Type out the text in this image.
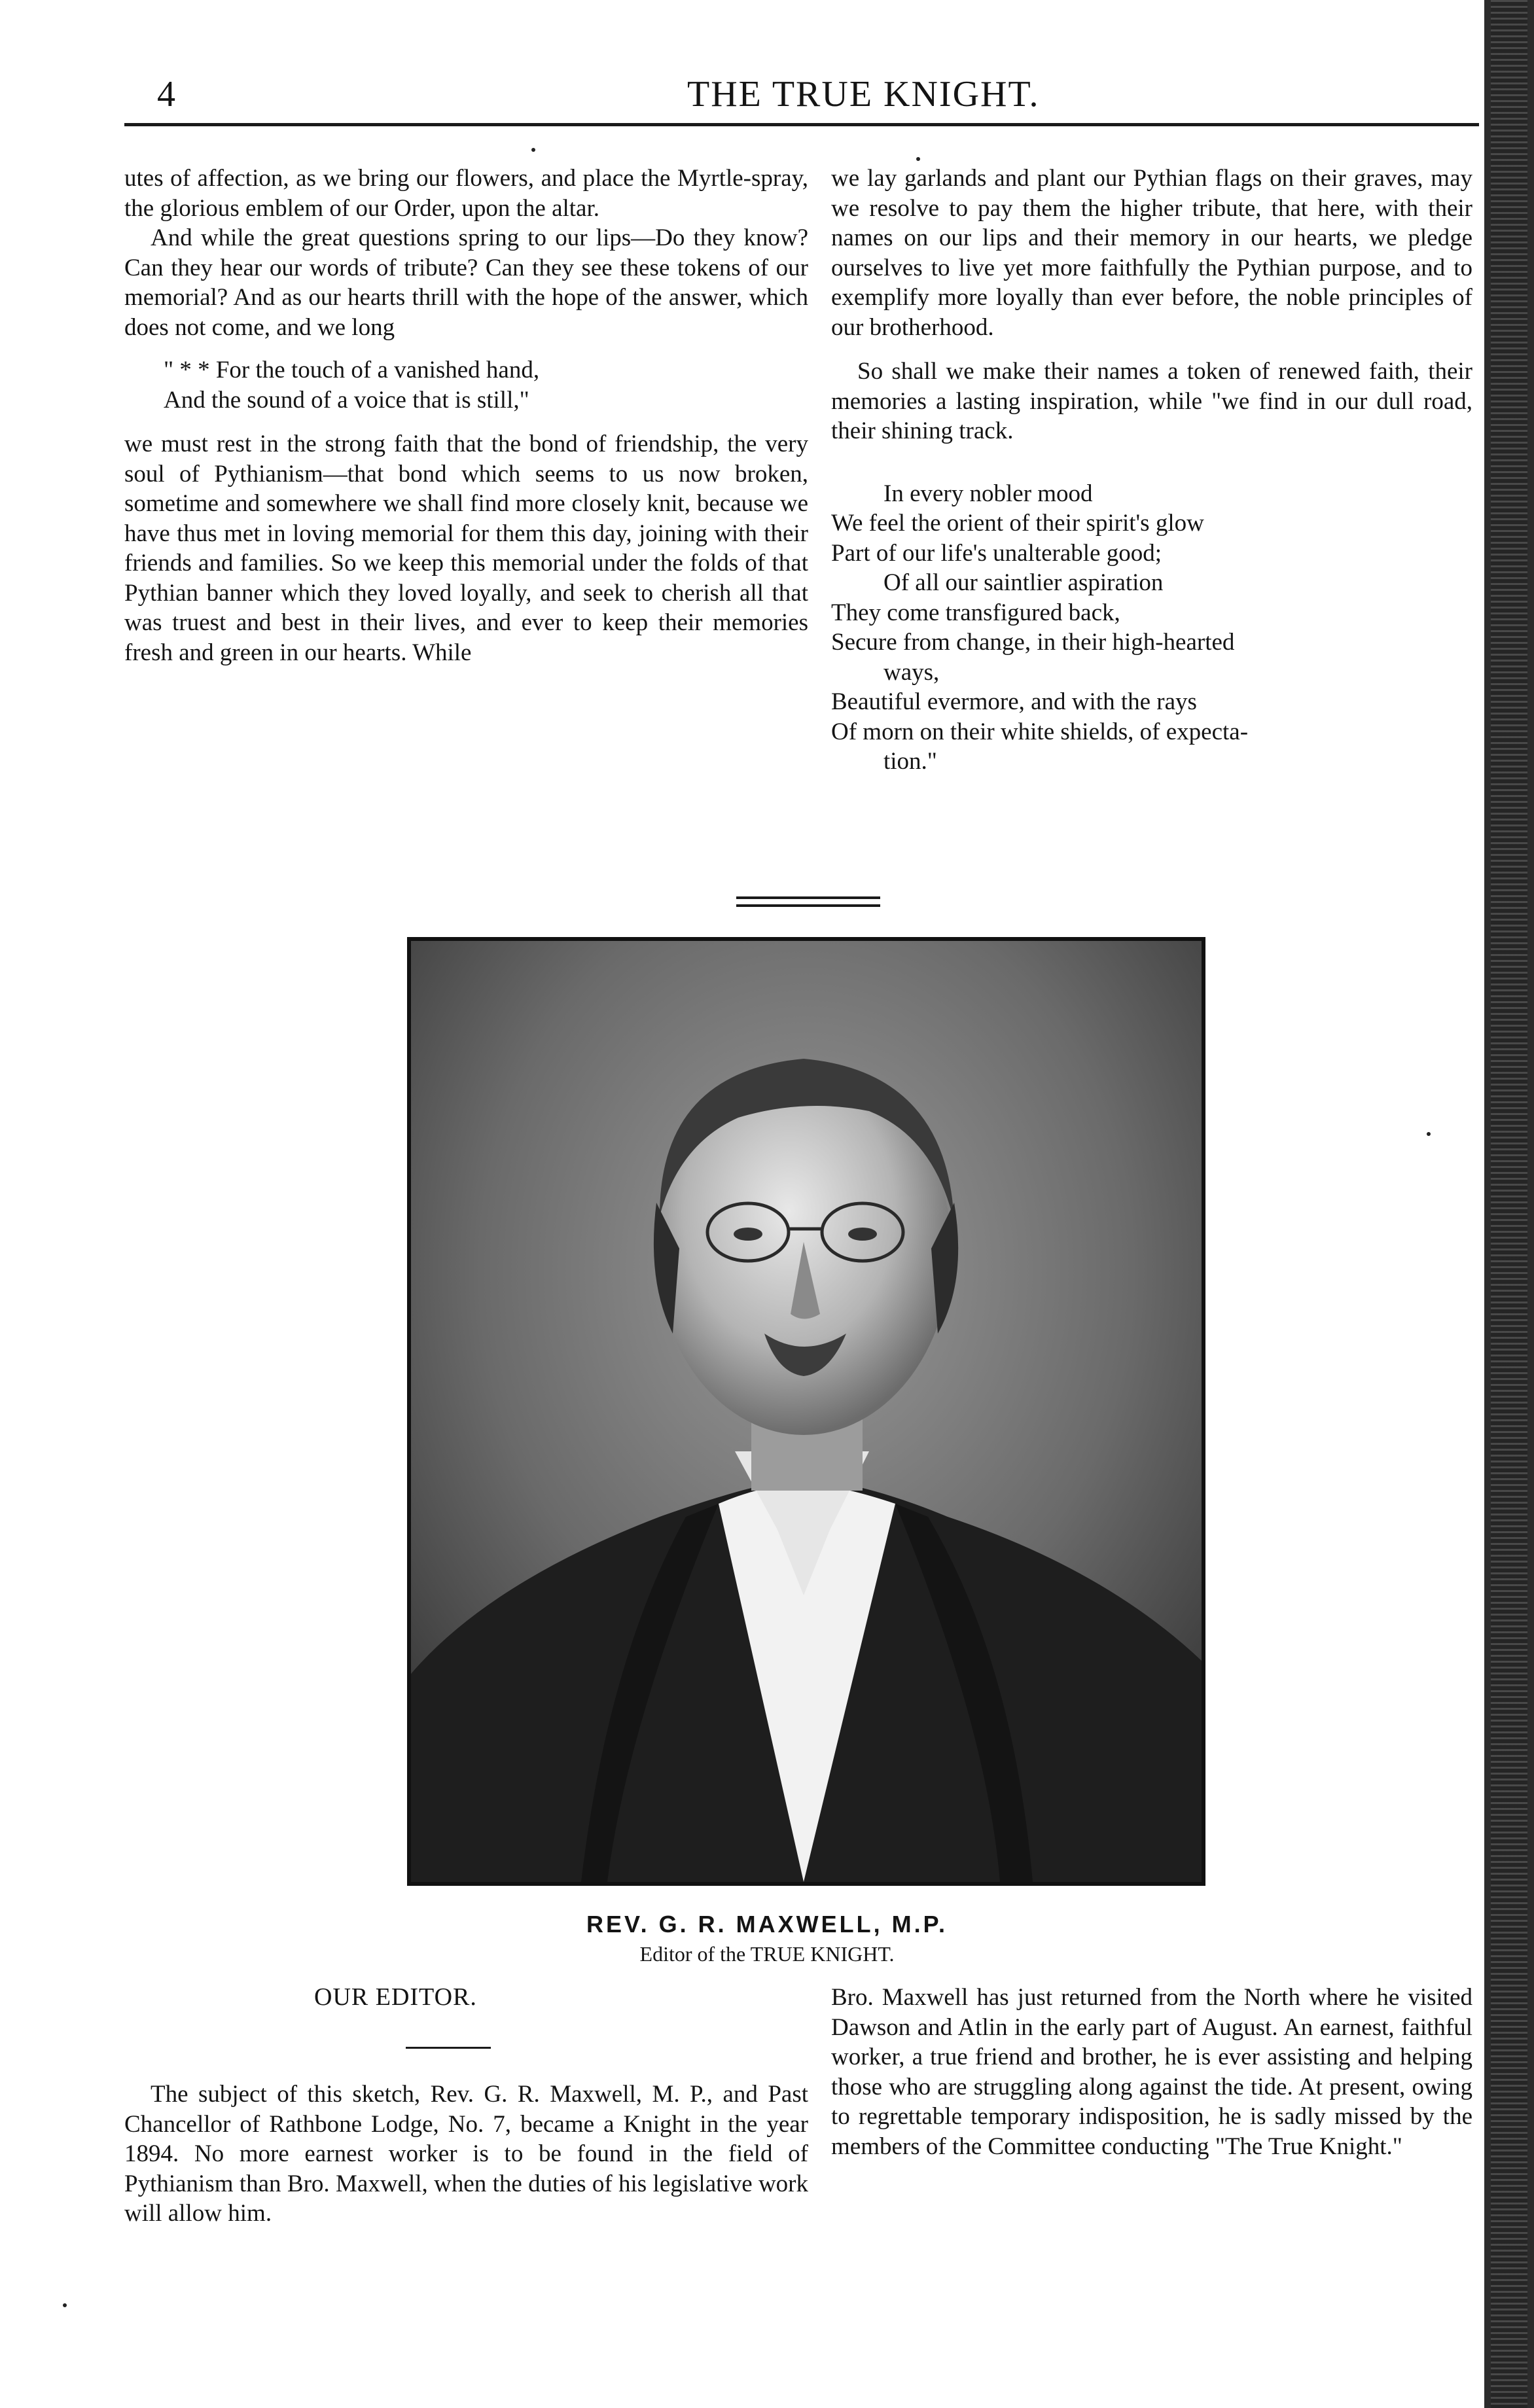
4	THE TRUE KNIGHT.

utes of affection, as we bring our flowers, and place the Myrtle-spray, the glorious emblem of our Order, upon the altar.

And while the great questions spring to our lips—Do they know? Can they hear our words of tribute? Can they see these tokens of our memorial? And as our hearts thrill with the hope of the answer, which does not come, and we long

" * * For the touch of a vanished hand,
And the sound of a voice that is still,"

we must rest in the strong faith that the bond of friendship, the very soul of Pythianism—that bond which seems to us now broken, sometime and somewhere we shall find more closely knit, because we have thus met in loving memorial for them this day, joining with their friends and families. So we keep this memorial under the folds of that Pythian banner which they loved loyally, and seek to cherish all that was truest and best in their lives, and ever to keep their memories fresh and green in our hearts. While

we lay garlands and plant our Pythian flags on their graves, may we resolve to pay them the higher tribute, that here, with their names on our lips and their memory in our hearts, we pledge ourselves to live yet more faithfully the Pythian purpose, and to exemplify more loyally than ever before, the noble principles of our brotherhood.

So shall we make their names a token of renewed faith, their memories a lasting inspiration, while "we find in our dull road, their shining track.

In every nobler mood
We feel the orient of their spirit's glow
Part of our life's unalterable good;
Of all our saintlier aspiration
They come transfigured back,
Secure from change, in their high-hearted
ways,
Beautiful evermore, and with the rays
Of morn on their white shields, of expecta-
tion."
REV. G. R. MAXWELL, M.P.
Editor of the TRUE KNIGHT.
OUR EDITOR.

The subject of this sketch, Rev. G. R. Maxwell, M. P., and Past Chancellor of Rathbone Lodge, No. 7, became a Knight in the year 1894. No more earnest worker is to be found in the field of Pythianism than Bro. Maxwell, when the duties of his legislative work will allow him.

Bro. Maxwell has just returned from the North where he visited Dawson and Atlin in the early part of August. An earnest, faithful worker, a true friend and brother, he is ever assisting and helping those who are struggling along against the tide. At present, owing to regrettable temporary indisposition, he is sadly missed by the members of the Committee conducting "The True Knight."
